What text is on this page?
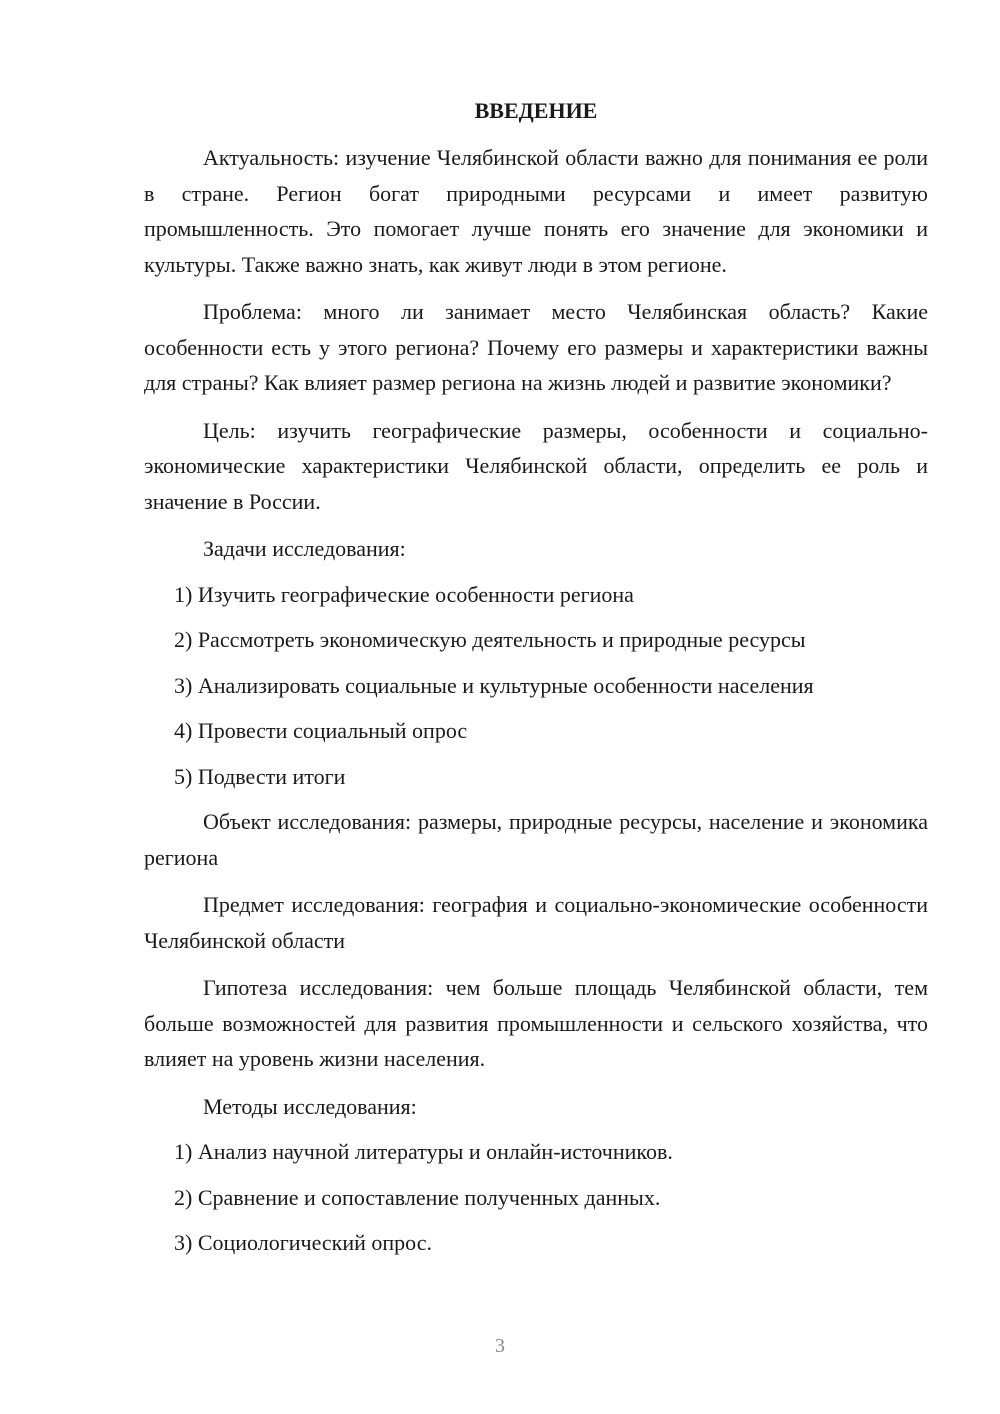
ВВЕДЕНИЕ

Актуальность: изучение Челябинской области важно для понимания ее роли в стране. Регион богат природными ресурсами и имеет развитую промышленность. Это помогает лучше понять его значение для экономики и культуры. Также важно знать, как живут люди в этом регионе.

Проблема: много ли занимает место Челябинская область? Какие особенности есть у этого региона? Почему его размеры и характеристики важны для страны? Как влияет размер региона на жизнь людей и развитие экономики?

Цель: изучить географические размеры, особенности и социально-экономические характеристики Челябинской области, определить ее роль и значение в России.

Задачи исследования:
1) Изучить географические особенности региона
2) Рассмотреть экономическую деятельность и природные ресурсы
3) Анализировать социальные и культурные особенности населения
4) Провести социальный опрос
5) Подвести итоги

Объект исследования: размеры, природные ресурсы, население и экономика региона

Предмет исследования: география и социально-экономические особенности Челябинской области

Гипотеза исследования: чем больше площадь Челябинской области, тем больше возможностей для развития промышленности и сельского хозяйства, что влияет на уровень жизни населения.

Методы исследования:
1) Анализ научной литературы и онлайн-источников.
2) Сравнение и сопоставление полученных данных.
3) Социологический опрос.
3
